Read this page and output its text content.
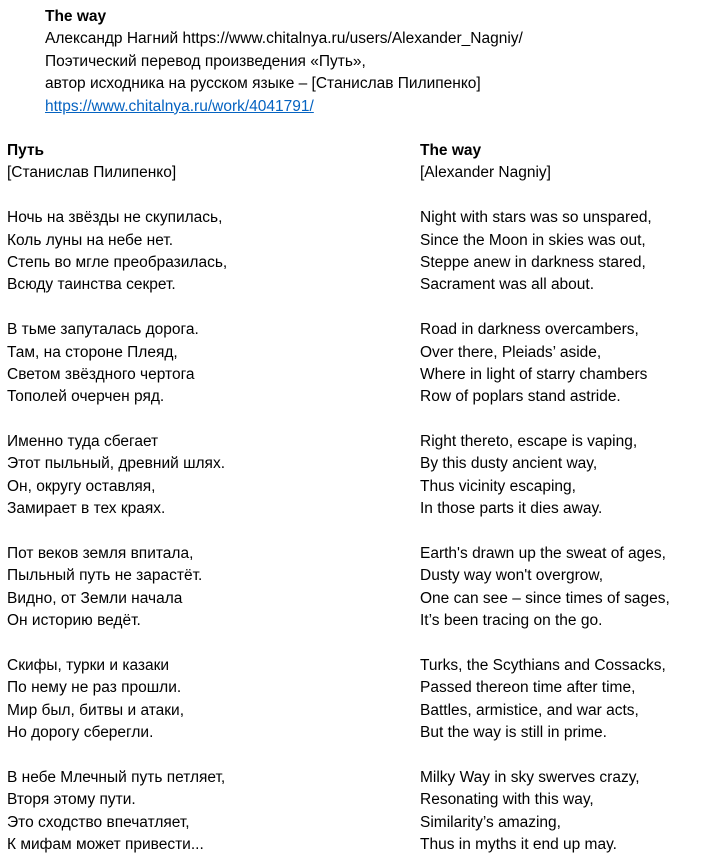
The way
Александр Нагний https://www.chitalnya.ru/users/Alexander_Nagniy/
Поэтический перевод произведения «Путь»,
автор исходника на русском языке – [Станислав Пилипенко]
https://www.chitalnya.ru/work/4041791/
Путь
[Станислав Пилипенко]
Ночь на звёзды не скупилась,
Коль луны на небе нет.
Степь во мгле преобразилась,
Всюду таинства секрет.
В тьме запуталась дорога.
Там, на стороне Плеяд,
Светом звёздного чертога
Тополей очерчен ряд.
Именно туда сбегает
Этот пыльный, древний шлях.
Он, округу оставляя,
Замирает в тех краях.
Пот веков земля впитала,
Пыльный путь не зарастёт.
Видно, от Земли начала
Он историю ведёт.
Скифы, турки и казаки
По нему не раз прошли.
Мир был, битвы и атаки,
Но дорогу сберегли.
В небе Млечный путь петляет,
Вторя этому пути.
Это сходство впечатляет,
К мифам может привести...
The way
[Alexander Nagniy]
Night with stars was so unspared,
Since the Moon in skies was out,
Steppe anew in darkness stared,
Sacrament was all about.
Road in darkness overcambers,
Over there, Pleiads’ aside,
Where in light of starry chambers
Row of poplars stand astride.
Right thereto, escape is vaping,
By this dusty ancient way,
Thus vicinity escaping,
In those parts it dies away.
Earth's drawn up the sweat of ages,
Dusty way won't overgrow,
One can see – since times of sages,
It’s been tracing on the go.
Turks, the Scythians and Cossacks,
Passed thereon time after time,
Battles, armistice, and war acts,
But the way is still in prime.
Milky Way in sky swerves crazy,
Resonating with this way,
Similarity’s amazing,
Thus in myths it end up may.
